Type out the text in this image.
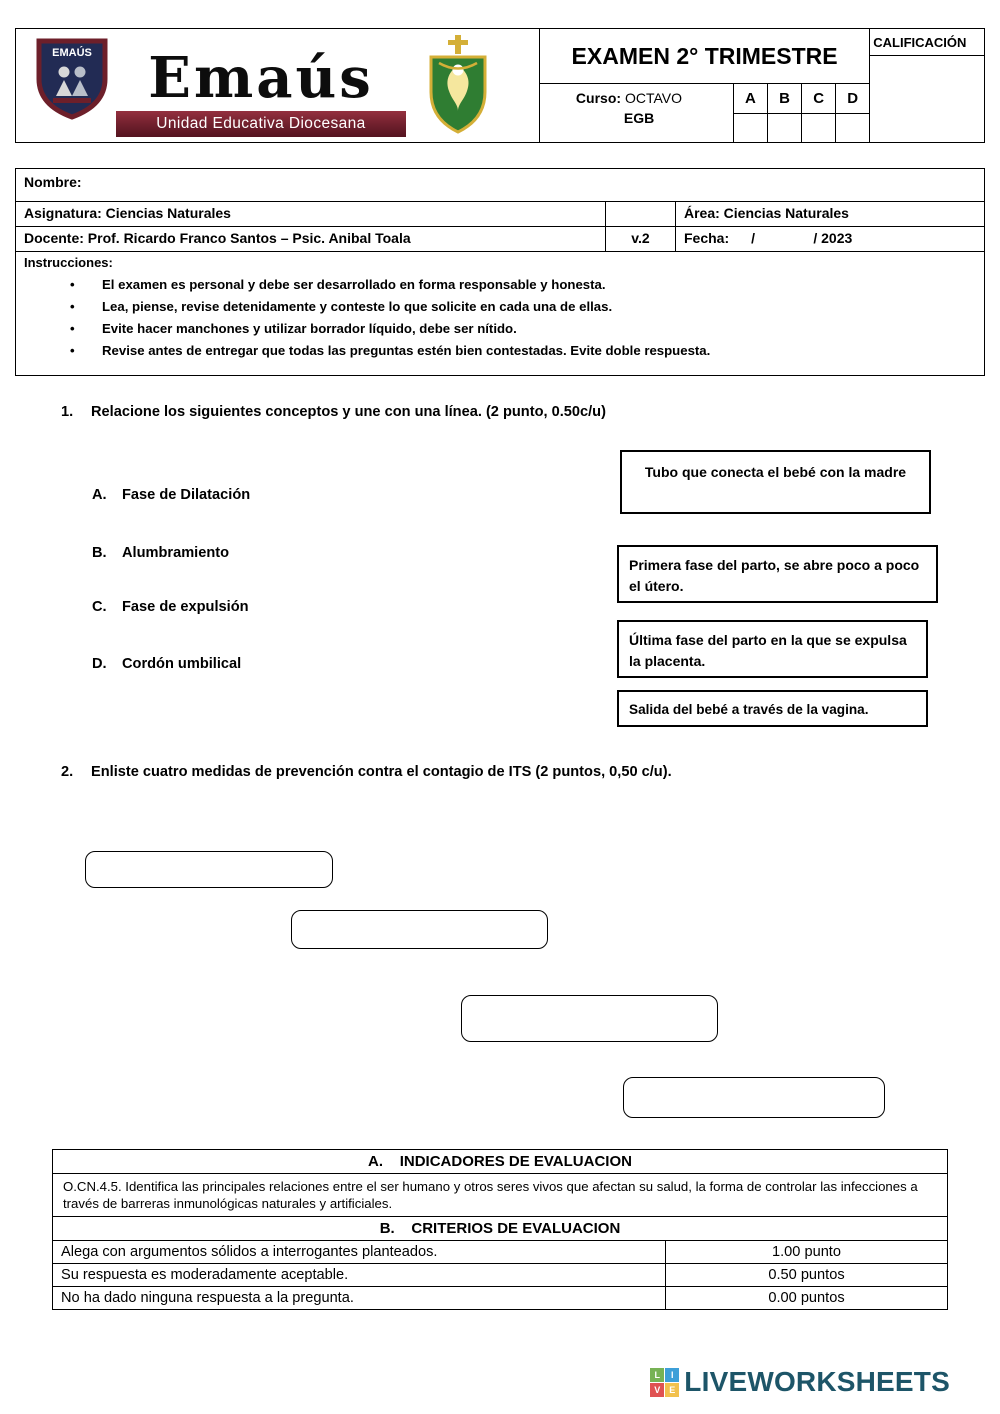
EMAÚS	Emaús
Unidad Educativa Diocesana
EXAMEN 2° TRIMESTRE
Curso: OCTAVO
EGB
A	B	C	D
CALIFICACIÓN
Nombre:
Asignatura: Ciencias Naturales	Área: Ciencias Naturales
Docente: Prof. Ricardo Franco Santos – Psic. Anibal Toala	v.2	Fecha: /               / 2023
Instrucciones:
• El examen es personal y debe ser desarrollado en forma responsable y honesta.
• Lea, piense, revise detenidamente y conteste lo que solicite en cada una de ellas.
• Evite hacer manchones y utilizar borrador líquido, debe ser nítido.
• Revise antes de entregar que todas las preguntas estén bien contestadas. Evite doble respuesta.
1.	Relacione los siguientes conceptos y une con una línea. (2 punto, 0.50c/u)
A.	Fase de Dilatación
B.	Alumbramiento
C.	Fase de expulsión
D.	Cordón umbilical
Tubo que conecta el bebé con la madre
Primera fase del parto, se abre poco a poco el útero.
Última fase del parto en la que se expulsa la placenta.
Salida del bebé a través de la vagina.
2.	Enliste cuatro medidas de prevención contra el contagio de ITS (2 puntos, 0,50 c/u).
A.    INDICADORES DE EVALUACION	
O.CN.4.5. Identifica las principales relaciones entre el ser humano y otros seres vivos que afectan su salud, la forma de controlar las infecciones a través de barreras inmunológicas naturales y artificiales.	
B.    CRITERIOS DE EVALUACION	
Alega con argumentos sólidos a interrogantes planteados.	1.00 punto
Su respuesta es moderadamente aceptable.	0.50 puntos
No ha dado ninguna respuesta a la pregunta.	0.00 puntos
L	I
V E LIVEWORKSHEETS
